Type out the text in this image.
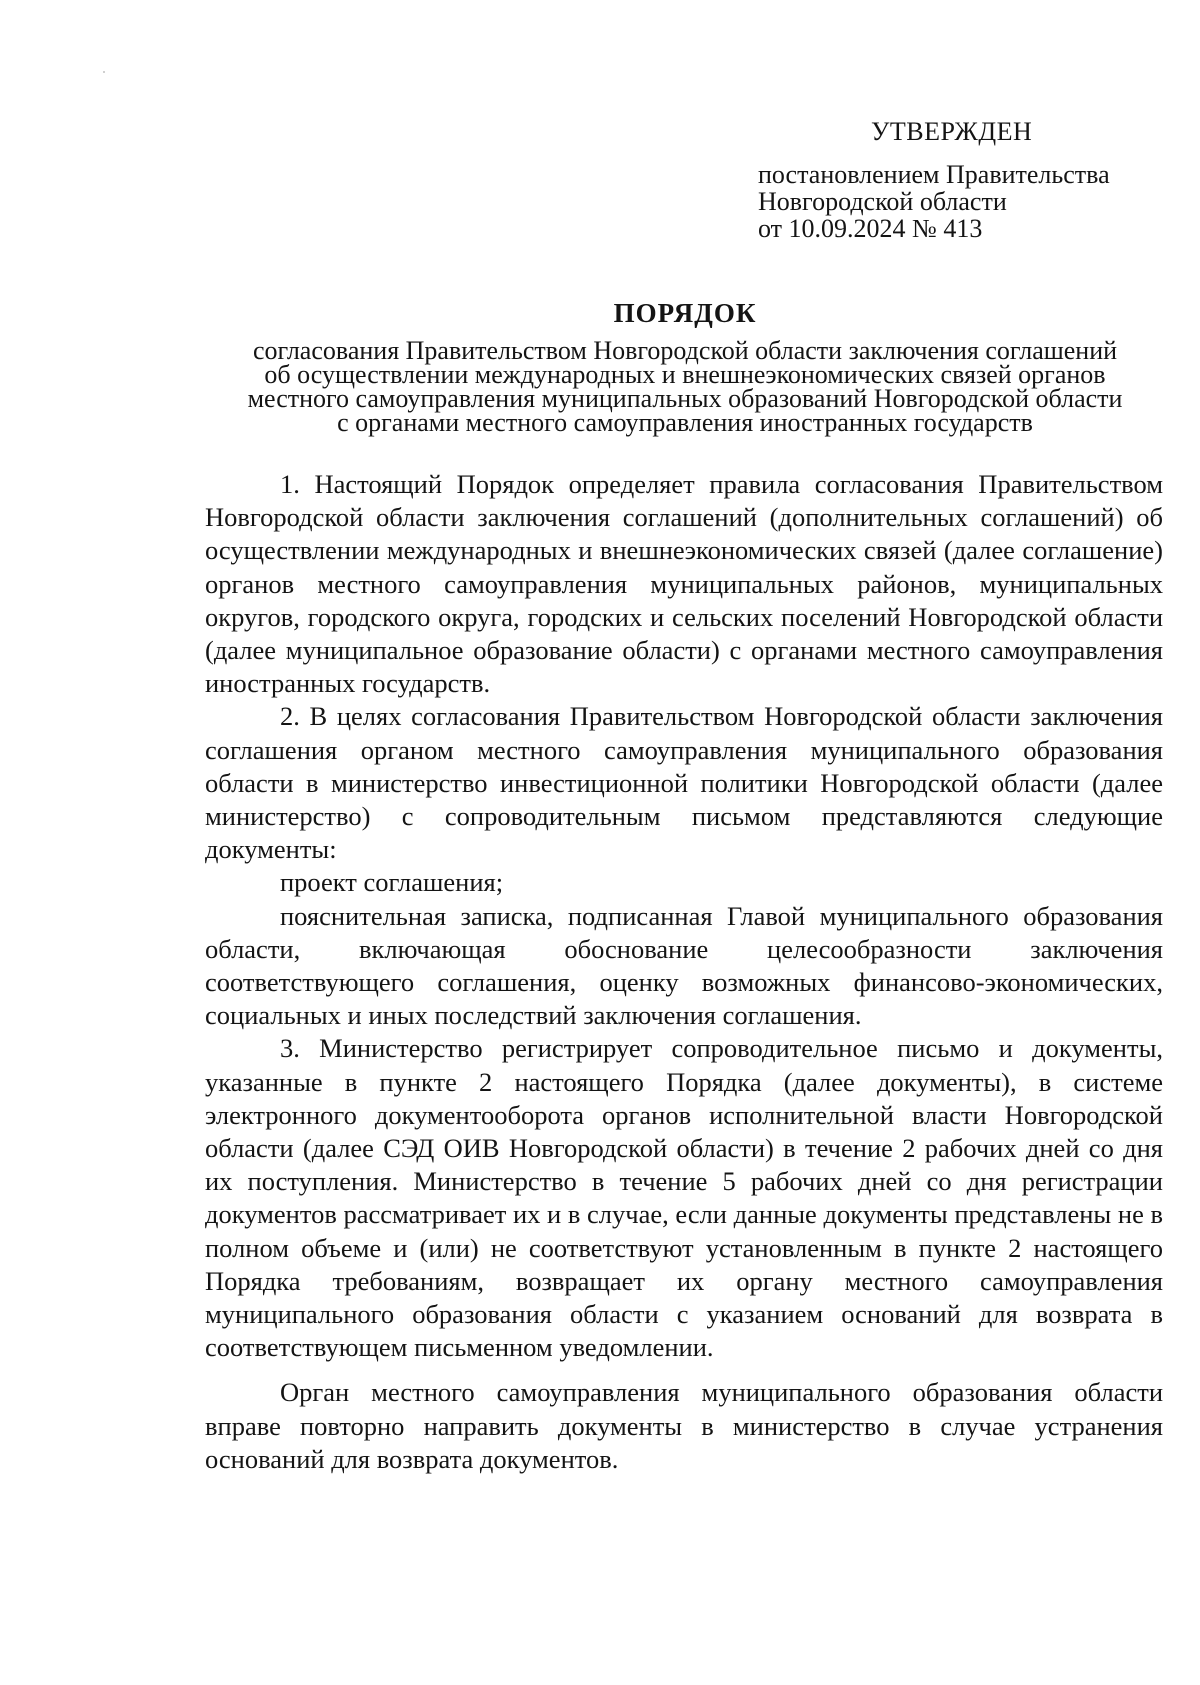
УТВЕРЖДЕН
постановлением Правительства
Новгородской области
от 10.09.2024 № 413
ПОРЯДОК
согласования Правительством Новгородской области заключения соглашений
об осуществлении международных и внешнеэкономических связей органов
местного самоуправления муниципальных образований Новгородской области
с органами местного самоуправления иностранных государств

1. Настоящий Порядок определяет правила согласования Правительством Новгородской области заключения соглашений (дополнительных соглашений) об осуществлении международных и внешнеэкономических связей (далее соглашение) органов местного самоуправления муниципальных районов, муниципальных округов, городского округа, городских и сельских поселений Новгородской области (далее муниципальное образование области) с органами местного самоуправления иностранных государств.

2. В целях согласования Правительством Новгородской области заключения соглашения органом местного самоуправления муниципального образования области в министерство инвестиционной политики Новгородской области (далее министерство) с сопроводительным письмом представляются следующие документы:

проект соглашения;

пояснительная записка, подписанная Главой муниципального образования области, включающая обоснование целесообразности заключения соответствующего соглашения, оценку возможных финансово-экономических, социальных и иных последствий заключения соглашения.

3. Министерство регистрирует сопроводительное письмо и документы, указанные в пункте 2 настоящего Порядка (далее документы), в системе электронного документооборота органов исполнительной власти Новгородской области (далее СЭД ОИВ Новгородской области) в течение 2 рабочих дней со дня их поступления. Министерство в течение 5 рабочих дней со дня регистрации документов рассматривает их и в случае, если данные документы представлены не в полном объеме и (или) не соответствуют установленным в пункте 2 настоящего Порядка требованиям, возвращает их органу местного самоуправления муниципального образования области с указанием оснований для возврата в соответствующем письменном уведомлении.

Орган местного самоуправления муниципального образования области вправе повторно направить документы в министерство в случае устранения оснований для возврата документов.
